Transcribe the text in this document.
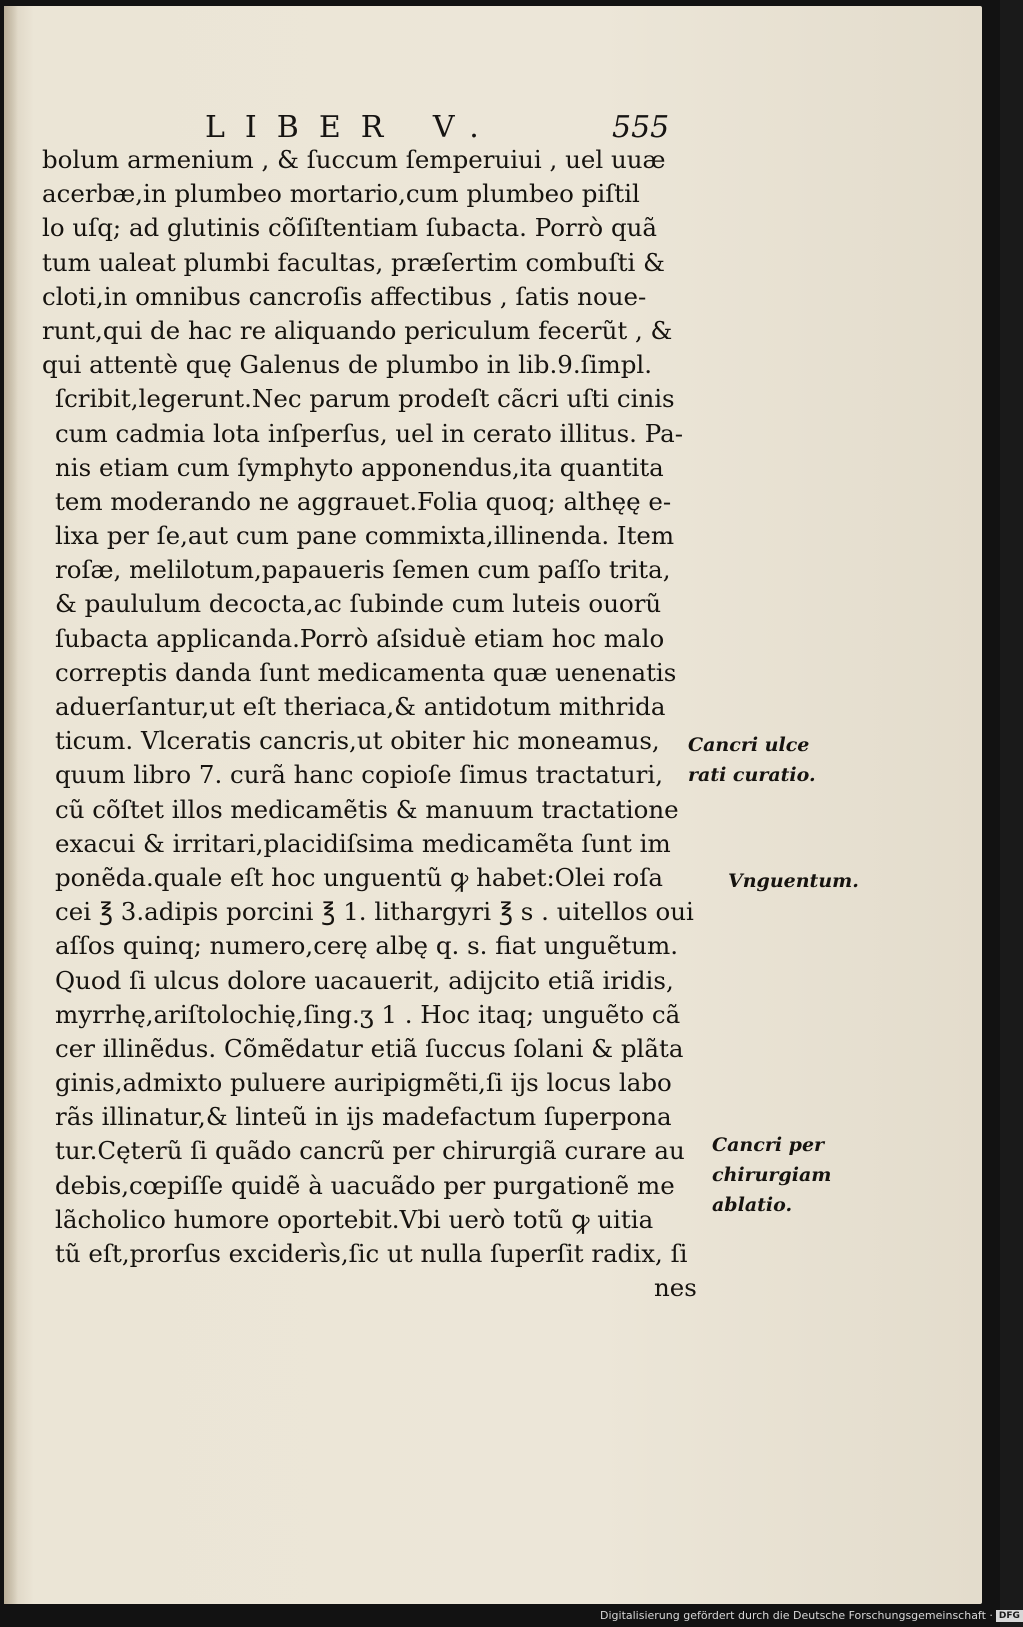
LIBER V.	555
bolum armenium , & ſuccum ſemperuiui , uel uuæ
acerbæ,in plumbeo mortario,cum plumbeo piſtil
lo uſq; ad glutinis cõſiſtentiam ſubacta. Porrò quã
tum ualeat plumbi facultas, præſertim combuſti &
cloti,in omnibus cancroſis affectibus , ſatis noue-
runt,qui de hac re aliquando periculum fecerũt , &
qui attentè quę Galenus de plumbo in lib.9.ſimpl.
ſcribit,legerunt.Nec parum prodeſt cãcri uſti cinis
cum cadmia lota inſperſus, uel in cerato illitus. Pa-
nis etiam cum ſymphyto apponendus,ita quantita
tem moderando ne aggrauet.Folia quoq; althęę e-
lixa per ſe,aut cum pane commixta,illinenda. Item
roſæ, melilotum,papaueris ſemen cum paſſo trita,
& paululum decocta,ac ſubinde cum luteis ouorũ
ſubacta applicanda.Porrò aſsiduè etiam hoc malo
correptis danda ſunt medicamenta quæ uenenatis
aduerſantur,ut eſt theriaca,& antidotum mithrida
ticum. Vlceratis cancris,ut obiter hic moneamus,
quum libro 7. curã hanc copioſe ſimus tractaturi,
cũ cõſtet illos medicamẽtis & manuum tractatione
exacui & irritari,placidiſsima medicamẽta ſunt im
ponẽda.quale eſt hoc unguentũ ꝙ habet:Olei roſa
cei ℥ 3.adipis porcini ℥ 1. lithargyri ℥ s . uitellos oui
aſſos quinq; numero,cerę albę q. s. fiat unguẽtum.
Quod ſi ulcus dolore uacauerit, adijcito etiã iridis,
myrrhę,ariſtolochię,ſing.ʒ 1 . Hoc itaq; unguẽto cã
cer illinẽdus. Cõmẽdatur etiã ſuccus ſolani & plãta
ginis,admixto puluere auripigmẽti,ſi ijs locus labo
rãs illinatur,& linteũ in ijs madefactum ſuperpona
tur.Cęterũ ſi quãdo cancrũ per chirurgiã curare au
debis,cœpiſſe quidẽ à uacuãdo per purgationẽ me
lãcholico humore oportebit.Vbi uerò totũ ꝙ uitia
tũ eſt,prorſus exciderìs,ſic ut nulla ſuperſit radix, ſi
nes
Cancri ulce
rati curatio.
Vnguentum.
Cancri per
chirurgiam
ablatio.
Digitalisierung gefördert durch die Deutsche Forschungsgemeinschaft · DFG
